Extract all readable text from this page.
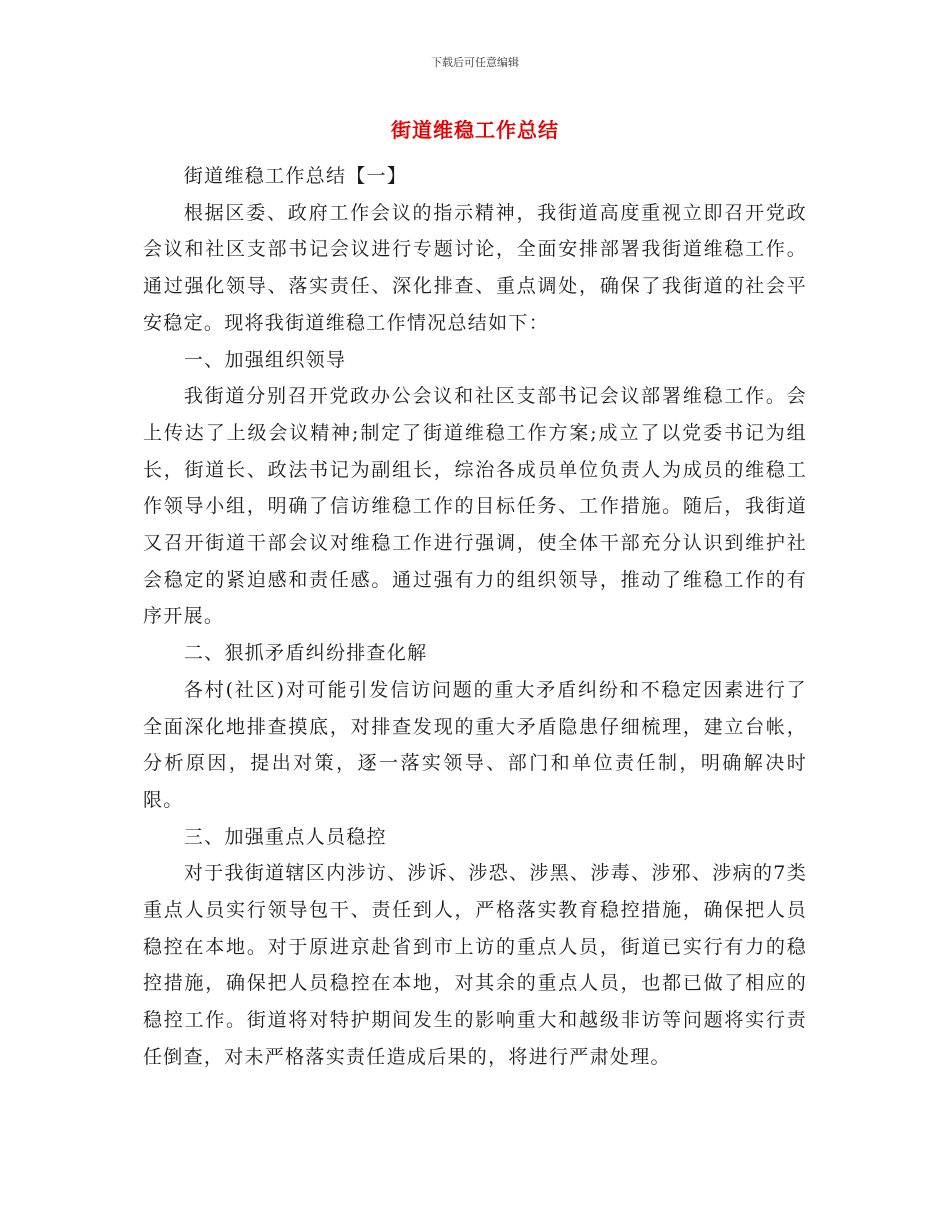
下载后可任意编辑
街道维稳工作总结

街道维稳工作总结【一】

根据区委、政府工作会议的指示精神，我街道高度重视立即召开党政会议和社区支部书记会议进行专题讨论，全面安排部署我街道维稳工作。通过强化领导、落实责任、深化排查、重点调处，确保了我街道的社会平安稳定。现将我街道维稳工作情况总结如下：

一、加强组织领导

我街道分别召开党政办公会议和社区支部书记会议部署维稳工作。会上传达了上级会议精神;制定了街道维稳工作方案;成立了以党委书记为组长，街道长、政法书记为副组长，综治各成员单位负责人为成员的维稳工作领导小组，明确了信访维稳工作的目标任务、工作措施。随后，我街道又召开街道干部会议对维稳工作进行强调，使全体干部充分认识到维护社会稳定的紧迫感和责任感。通过强有力的组织领导，推动了维稳工作的有序开展。

二、狠抓矛盾纠纷排查化解

各村(社区)对可能引发信访问题的重大矛盾纠纷和不稳定因素进行了全面深化地排查摸底，对排查发现的重大矛盾隐患仔细梳理，建立台帐，分析原因，提出对策，逐一落实领导、部门和单位责任制，明确解决时限。

三、加强重点人员稳控

对于我街道辖区内涉访、涉诉、涉恐、涉黑、涉毒、涉邪、涉病的7类重点人员实行领导包干、责任到人，严格落实教育稳控措施，确保把人员稳控在本地。对于原进京赴省到市上访的重点人员，街道已实行有力的稳控措施，确保把人员稳控在本地，对其余的重点人员，也都已做了相应的稳控工作。街道将对特护期间发生的影响重大和越级非访等问题将实行责任倒查，对未严格落实责任造成后果的，将进行严肃处理。
